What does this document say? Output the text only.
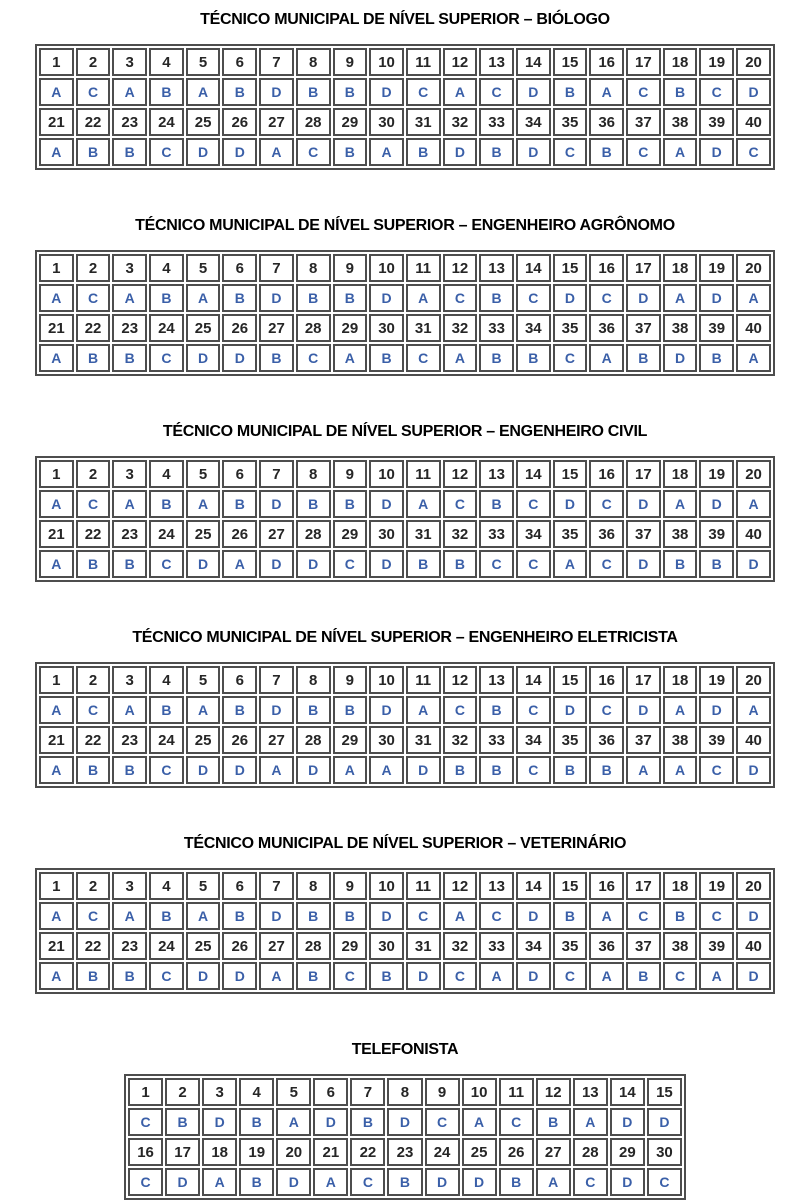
TÉCNICO MUNICIPAL DE NÍVEL SUPERIOR – BIÓLOGO
1	2	3	4	5	6	7	8	9	10	11	12	13	14	15	16	17	18	19	20
A	C	A	B	A	B	D	B	B	D	C	A	C	D	B	A	C	B	C	D
21	22	23	24	25	26	27	28	29	30	31	32	33	34	35	36	37	38	39	40
A	B	B	C	D	D	A	C	B	A	B	D	B	D	C	B	C	A	D	C
TÉCNICO MUNICIPAL DE NÍVEL SUPERIOR – ENGENHEIRO AGRÔNOMO
1	2	3	4	5	6	7	8	9	10	11	12	13	14	15	16	17	18	19	20
A	C	A	B	A	B	D	B	B	D	A	C	B	C	D	C	D	A	D	A
21	22	23	24	25	26	27	28	29	30	31	32	33	34	35	36	37	38	39	40
A	B	B	C	D	D	B	C	A	B	C	A	B	B	C	A	B	D	B	A
TÉCNICO MUNICIPAL DE NÍVEL SUPERIOR – ENGENHEIRO CIVIL
1	2	3	4	5	6	7	8	9	10	11	12	13	14	15	16	17	18	19	20
A	C	A	B	A	B	D	B	B	D	A	C	B	C	D	C	D	A	D	A
21	22	23	24	25	26	27	28	29	30	31	32	33	34	35	36	37	38	39	40
A	B	B	C	D	A	D	D	C	D	B	B	C	C	A	C	D	B	B	D
TÉCNICO MUNICIPAL DE NÍVEL SUPERIOR – ENGENHEIRO ELETRICISTA
1	2	3	4	5	6	7	8	9	10	11	12	13	14	15	16	17	18	19	20
A	C	A	B	A	B	D	B	B	D	A	C	B	C	D	C	D	A	D	A
21	22	23	24	25	26	27	28	29	30	31	32	33	34	35	36	37	38	39	40
A	B	B	C	D	D	A	D	A	A	D	B	B	C	B	B	A	A	C	D
TÉCNICO MUNICIPAL DE NÍVEL SUPERIOR – VETERINÁRIO
1	2	3	4	5	6	7	8	9	10	11	12	13	14	15	16	17	18	19	20
A	C	A	B	A	B	D	B	B	D	C	A	C	D	B	A	C	B	C	D
21	22	23	24	25	26	27	28	29	30	31	32	33	34	35	36	37	38	39	40
A	B	B	C	D	D	A	B	C	B	D	C	A	D	C	A	B	C	A	D
TELEFONISTA
1	2	3	4	5	6	7	8	9	10	11	12	13	14	15
C	B	D	B	A	D	B	D	C	A	C	B	A	D	D
16	17	18	19	20	21	22	23	24	25	26	27	28	29	30
C	D	A	B	D	A	C	B	D	D	B	A	C	D	C
